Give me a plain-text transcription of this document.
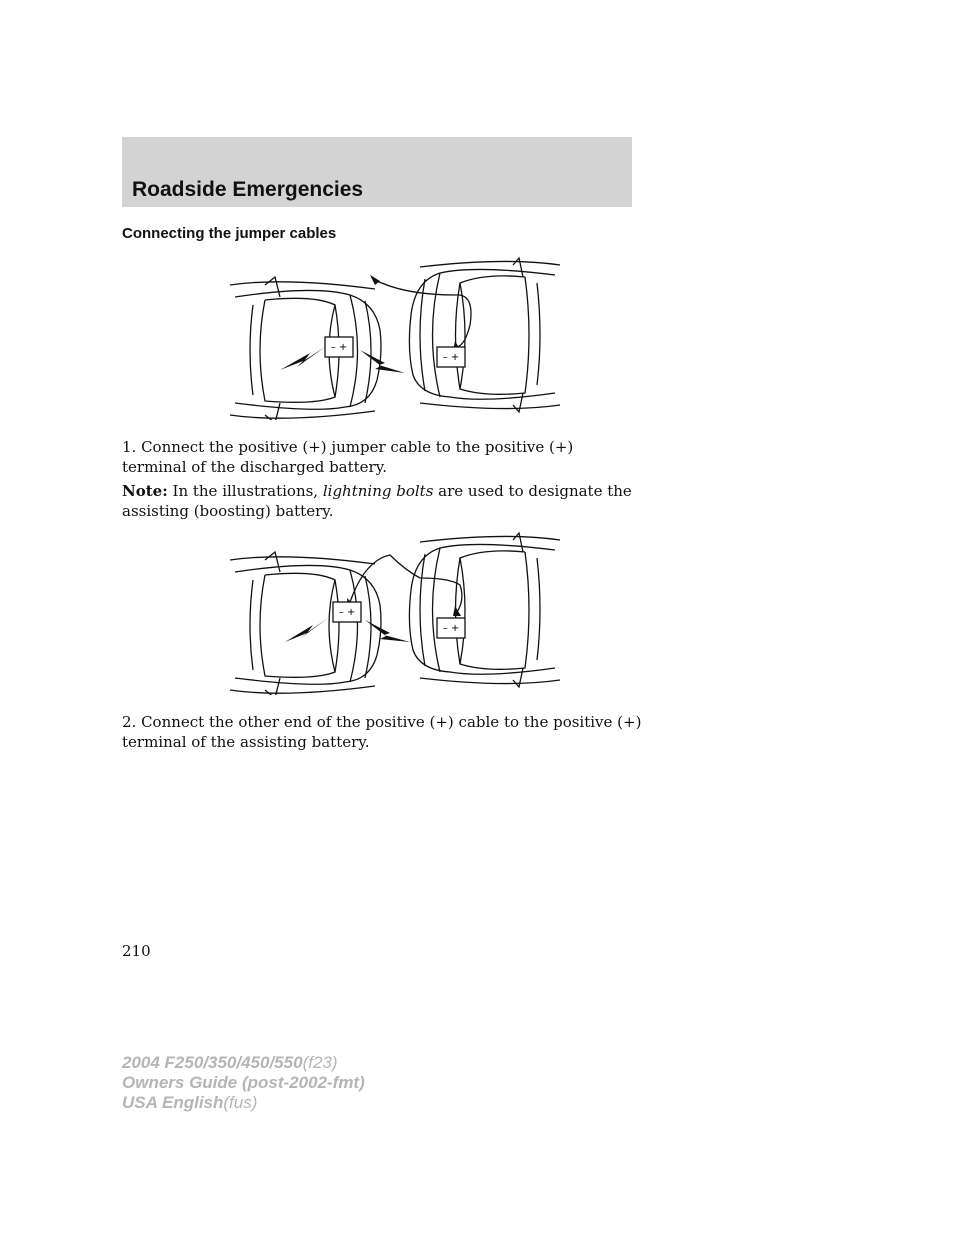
Roadside Emergencies
Connecting the jumper cables
– +
– +
1. Connect the positive (+) jumper cable to the positive (+) terminal of the discharged battery.
Note: In the illustrations, lightning bolts are used to designate the assisting (boosting) battery.
– +
– +
2. Connect the other end of the positive (+) cable to the positive (+) terminal of the assisting battery.
210
2004 F250/350/450/550(f23)
Owners Guide (post-2002-fmt)
USA English(fus)
